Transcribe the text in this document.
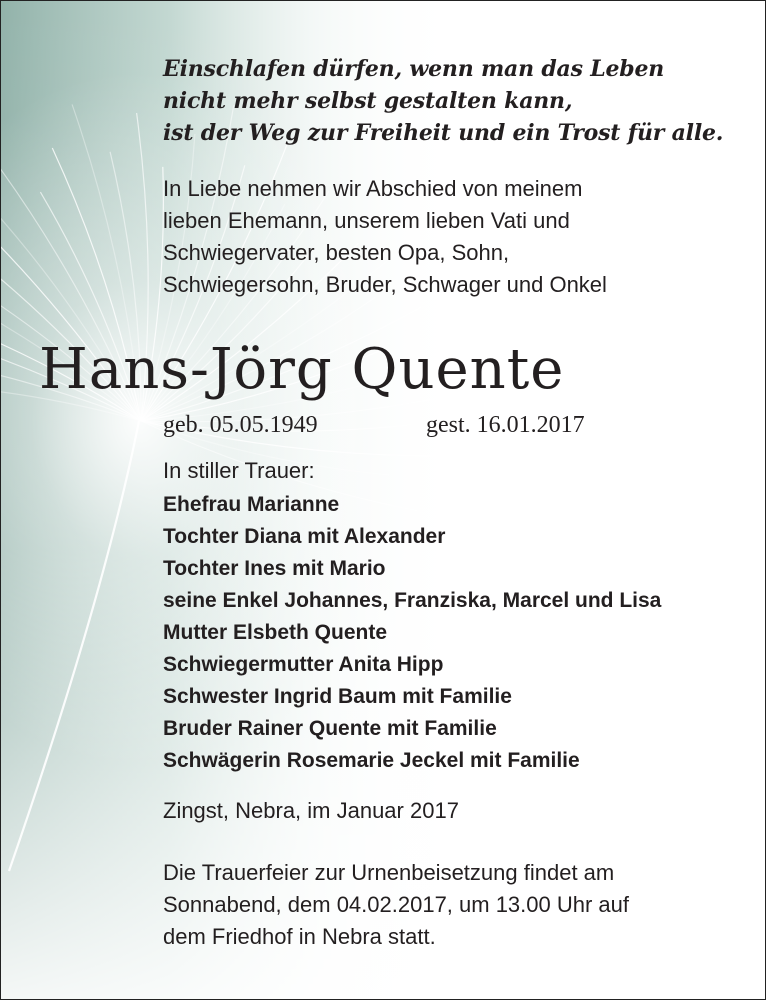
Einschlafen dürfen, wenn man das Leben
nicht mehr selbst gestalten kann,
ist der Weg zur Freiheit und ein Trost für alle.
In Liebe nehmen wir Abschied von meinem
lieben Ehemann, unserem lieben Vati und
Schwiegervater, besten Opa, Sohn,
Schwiegersohn, Bruder, Schwager und Onkel
Hans-Jörg Quente
geb. 05.05.1949	gest. 16.01.2017
In stiller Trauer:
Ehefrau Marianne
Tochter Diana mit Alexander
Tochter Ines mit Mario
seine Enkel Johannes, Franziska, Marcel und Lisa
Mutter Elsbeth Quente
Schwiegermutter Anita Hipp
Schwester Ingrid Baum mit Familie
Bruder Rainer Quente mit Familie
Schwägerin Rosemarie Jeckel mit Familie
Zingst, Nebra, im Januar 2017
Die Trauerfeier zur Urnenbeisetzung findet am
Sonnabend, dem 04.02.2017, um 13.00 Uhr auf
dem Friedhof in Nebra statt.
